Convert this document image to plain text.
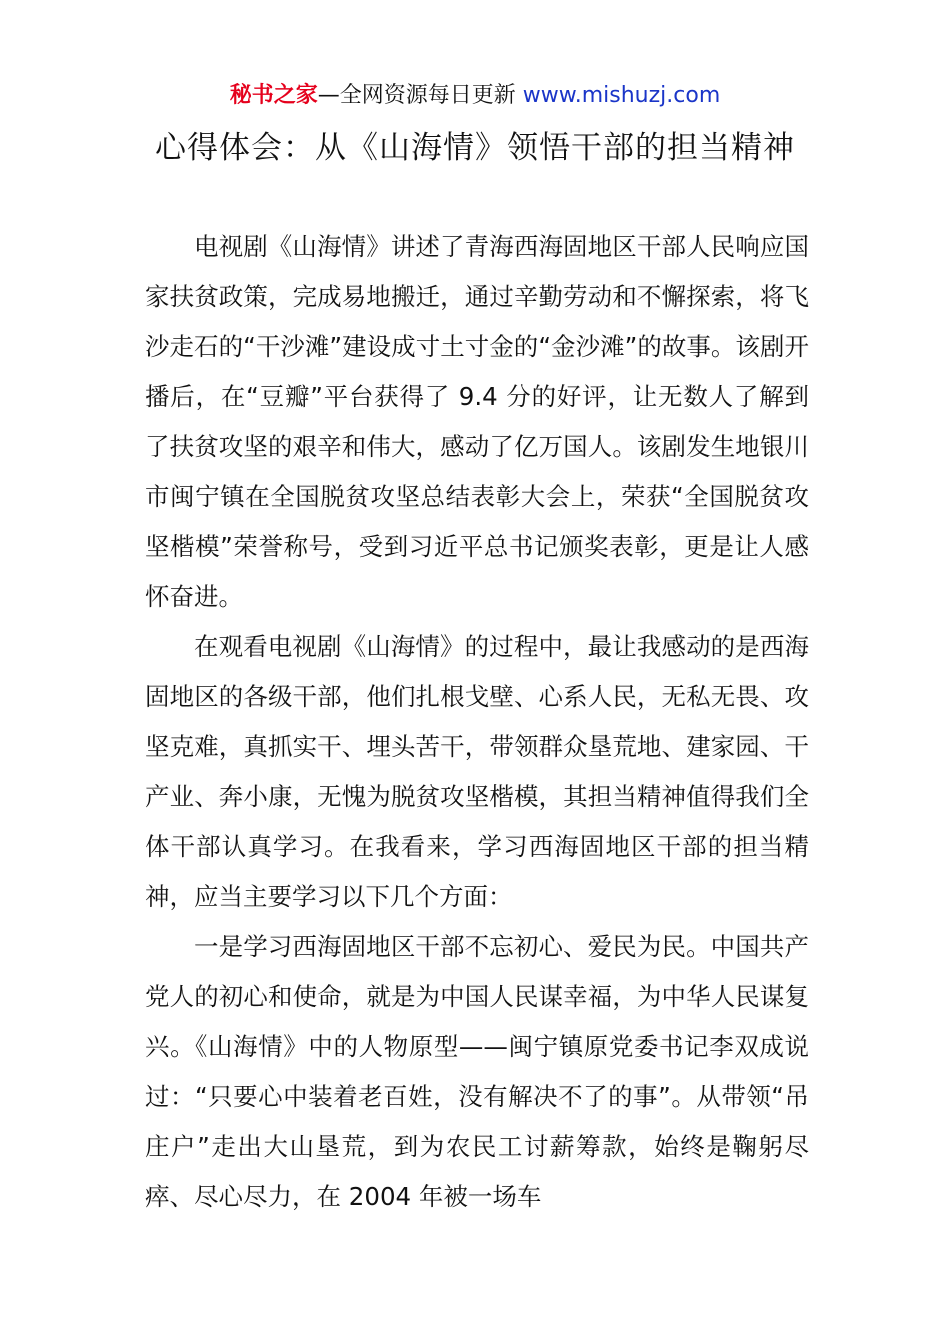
秘书之家—全网资源每日更新 www.mishuzj.com
心得体会：从《山海情》领悟干部的担当精神

电视剧《山海情》讲述了青海西海固地区干部人民响应国家扶贫政策，完成易地搬迁，通过辛勤劳动和不懈探索，将飞沙走石的“干沙滩”建设成寸土寸金的“金沙滩”的故事。该剧开播后，在“豆瓣”平台获得了 9.4 分的好评，让无数人了解到了扶贫攻坚的艰辛和伟大，感动了亿万国人。该剧发生地银川市闽宁镇在全国脱贫攻坚总结表彰大会上，荣获“全国脱贫攻坚楷模”荣誉称号，受到习近平总书记颁奖表彰，更是让人感怀奋进。

在观看电视剧《山海情》的过程中，最让我感动的是西海固地区的各级干部，他们扎根戈壁、心系人民，无私无畏、攻坚克难，真抓实干、埋头苦干，带领群众垦荒地、建家园、干产业、奔小康，无愧为脱贫攻坚楷模，其担当精神值得我们全体干部认真学习。在我看来，学习西海固地区干部的担当精神，应当主要学习以下几个方面：

一是学习西海固地区干部不忘初心、爱民为民。中国共产党人的初心和使命，就是为中国人民谋幸福，为中华人民谋复兴。《山海情》中的人物原型——闽宁镇原党委书记李双成说过：“只要心中装着老百姓，没有解决不了的事”。从带领“吊庄户”走出大山垦荒，到为农民工讨薪筹款，始终是鞠躬尽瘁、尽心尽力，在 2004 年被一场车
